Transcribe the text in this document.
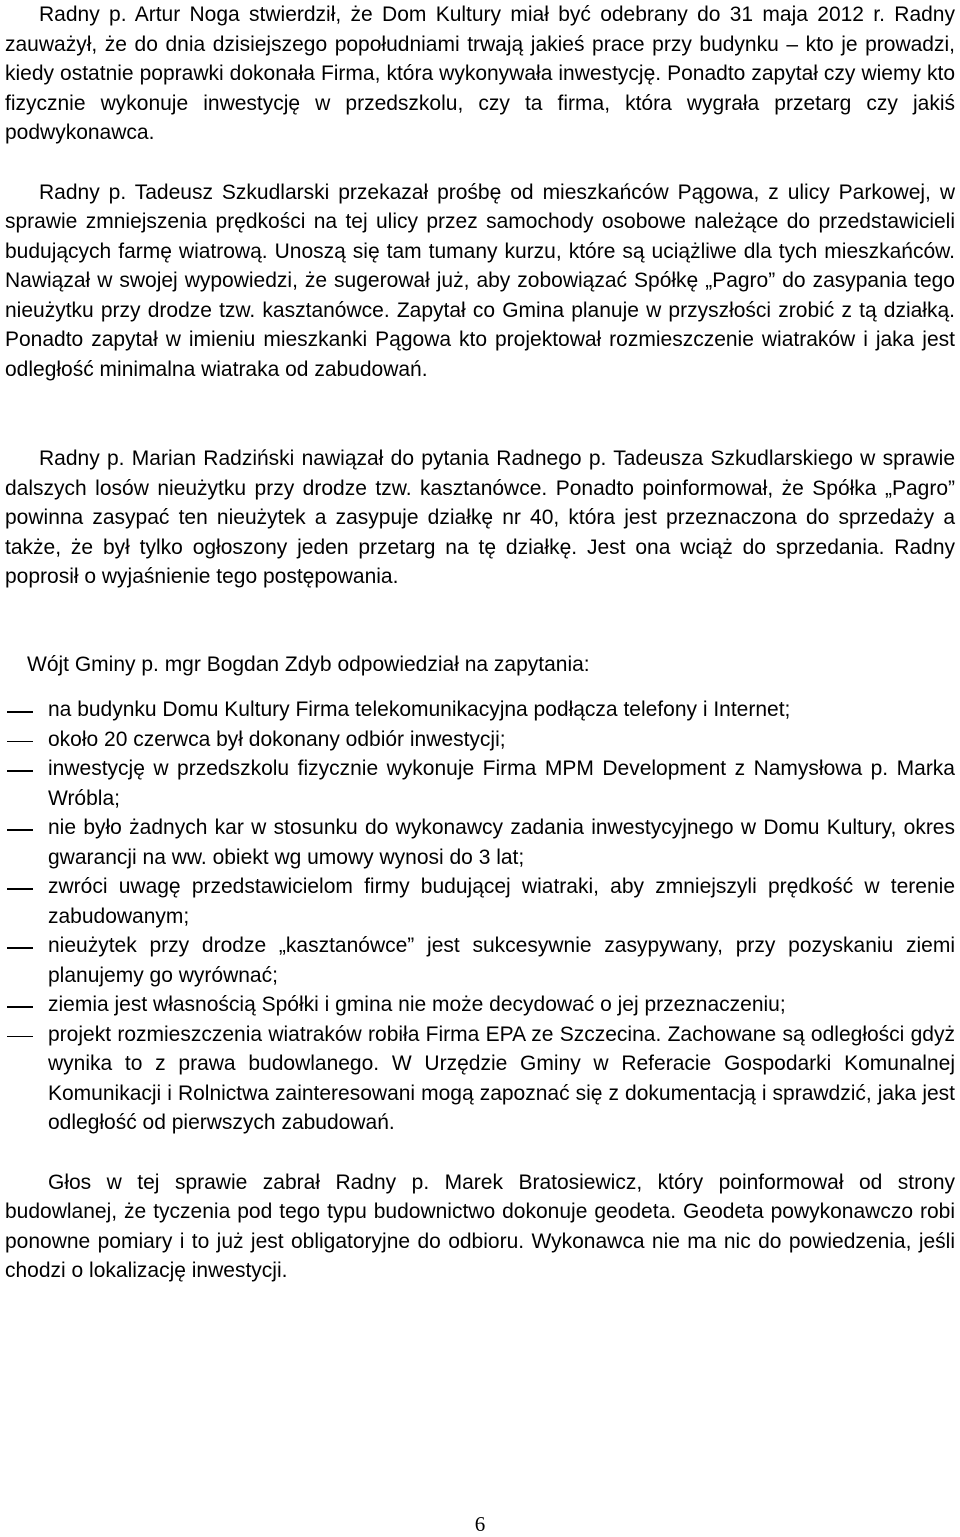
Radny p. Artur Noga stwierdził, że Dom Kultury miał być odebrany do 31 maja 2012 r. Radny zauważył, że do dnia dzisiejszego popołudniami trwają jakieś prace przy budynku – kto je prowadzi, kiedy ostatnie poprawki dokonała Firma, która wykonywała inwestycję. Ponadto zapytał czy wiemy kto fizycznie wykonuje inwestycję w przedszkolu, czy ta firma, która wygrała przetarg czy jakiś podwykonawca.

Radny p. Tadeusz Szkudlarski przekazał prośbę od mieszkańców Pągowa, z ulicy Parkowej, w sprawie zmniejszenia prędkości na tej ulicy przez samochody osobowe należące do przedstawicieli budujących farmę wiatrową. Unoszą się tam tumany kurzu, które są uciążliwe dla tych mieszkańców. Nawiązał w swojej wypowiedzi, że sugerował już, aby zobowiązać Spółkę „Pagro” do zasypania tego nieużytku przy drodze tzw. kasztanówce. Zapytał co Gmina planuje w przyszłości zrobić z tą działką. Ponadto zapytał w imieniu mieszkanki Pągowa kto projektował rozmieszczenie wiatraków i jaka jest odległość minimalna wiatraka od zabudowań.

Radny p. Marian Radziński nawiązał do pytania Radnego p. Tadeusza Szkudlarskiego w sprawie dalszych losów nieużytku przy drodze tzw. kasztanówce. Ponadto poinformował, że Spółka „Pagro” powinna zasypać ten nieużytek a zasypuje działkę nr 40, która jest przeznaczona do sprzedaży a także, że był tylko ogłoszony jeden przetarg na tę działkę. Jest ona wciąż do sprzedania. Radny poprosił o wyjaśnienie tego postępowania.

Wójt Gminy p. mgr Bogdan Zdyb odpowiedział na zapytania:

na budynku Domu Kultury Firma telekomunikacyjna podłącza telefony i Internet;
około 20 czerwca był dokonany odbiór inwestycji;
inwestycję w przedszkolu fizycznie wykonuje Firma MPM Development z Namysłowa p. Marka Wróbla;
nie było żadnych kar w stosunku do wykonawcy zadania inwestycyjnego w Domu Kultury, okres gwarancji na ww. obiekt wg umowy wynosi do 3 lat;
zwróci uwagę przedstawicielom firmy budującej wiatraki, aby zmniejszyli prędkość w terenie zabudowanym;
nieużytek przy drodze „kasztanówce” jest sukcesywnie zasypywany, przy pozyskaniu ziemi planujemy go wyrównać;
ziemia jest własnością Spółki i gmina nie może decydować o jej przeznaczeniu;
projekt rozmieszczenia wiatraków robiła Firma EPA ze Szczecina. Zachowane są odległości gdyż wynika to z prawa budowlanego. W Urzędzie Gminy w Referacie Gospodarki Komunalnej Komunikacji i Rolnictwa zainteresowani mogą zapoznać się z dokumentacją i sprawdzić, jaka jest odległość od pierwszych zabudowań.

Głos w tej sprawie zabrał Radny p. Marek Bratosiewicz, który poinformował od strony budowlanej, że tyczenia pod tego typu budownictwo dokonuje geodeta. Geodeta powykonawczo robi ponowne pomiary i to już jest obligatoryjne do odbioru. Wykonawca nie ma nic do powiedzenia, jeśli chodzi o lokalizację inwestycji.

6
